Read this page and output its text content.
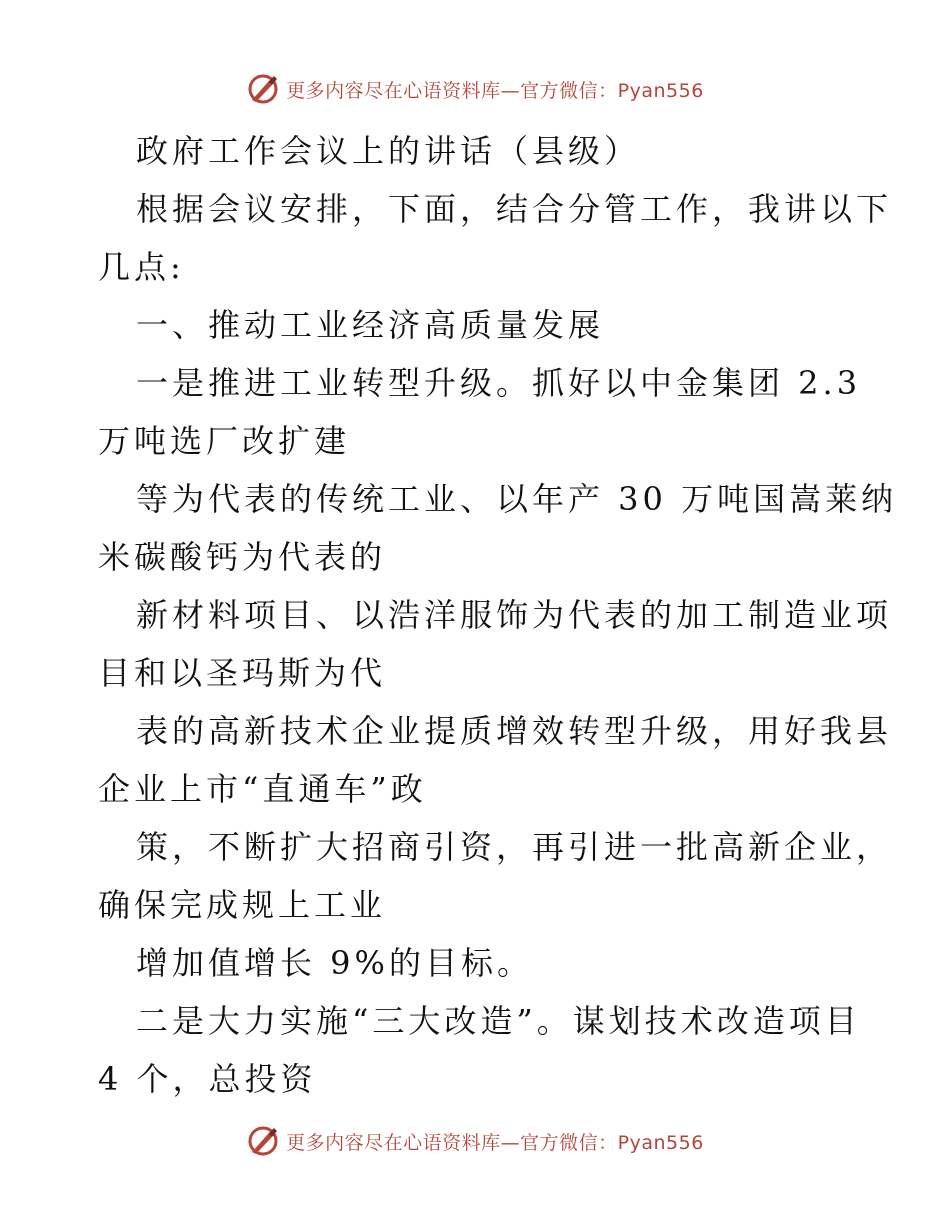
更多内容尽在心语资料库—官方微信：Pyan556
政府工作会议上的讲话（县级）
根据会议安排，下面，结合分管工作，我讲以下
几点:
一、推动工业经济高质量发展
一是推进工业转型升级。抓好以中金集团 2.3
万吨选厂改扩建
等为代表的传统工业、以年产 30 万吨国嵩莱纳
米碳酸钙为代表的
新材料项目、以浩洋服饰为代表的加工制造业项
目和以圣玛斯为代
表的高新技术企业提质增效转型升级，用好我县
企业上市“直通车”政
策，不断扩大招商引资，再引进一批高新企业，
确保完成规上工业
增加值增长 9%的目标。
二是大力实施“三大改造”。谋划技术改造项目
4 个，总投资
更多内容尽在心语资料库—官方微信：Pyan556
